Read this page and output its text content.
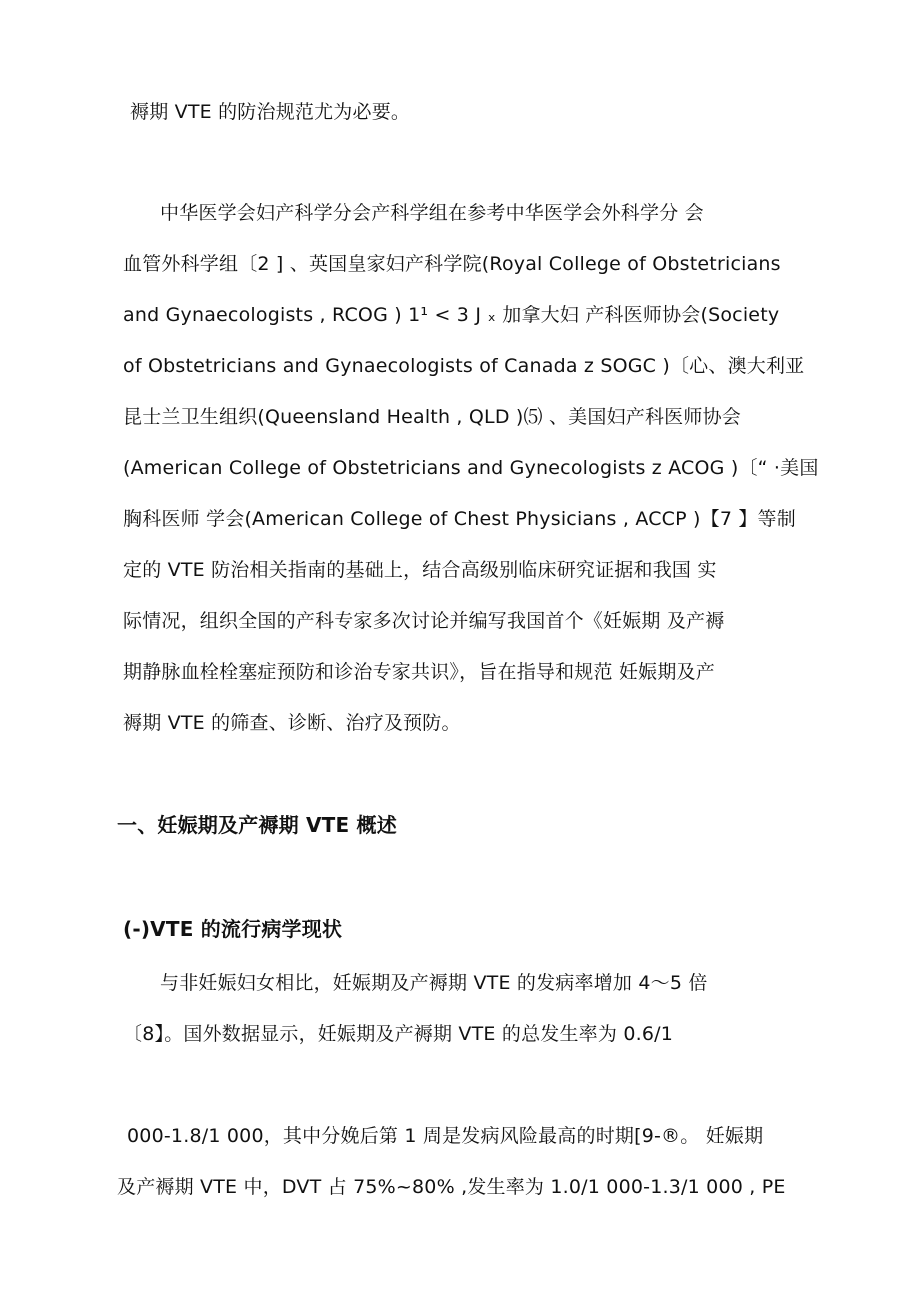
褥期 VTE 的防治规范尤为必要。
中华医学会妇产科学分会产科学组在参考中华医学会外科学分 会
血管外科学组〔2 ] 、英国皇家妇产科学院(Royal College of Obstetricians
and Gynaecologists , RCOG ) 1¹ < 3 J ₓ 加拿大妇 产科医师协会(Society
of Obstetricians and Gynaecologists of Canada z SOGC )〔心、澳大利亚
昆士兰卫生组织(Queensland Health , QLD )⑸ 、美国妇产科医师协会
(American College of Obstetricians and Gynecologists z ACOG )〔“ ·美国
胸科医师 学会(American College of Chest Physicians , ACCP )【7 】等制
定的 VTE 防治相关指南的基础上，结合高级别临床研究证据和我国 实
际情况，组织全国的产科专家多次讨论并编写我国首个《妊娠期 及产褥
期静脉血栓栓塞症预防和诊治专家共识》，旨在指导和规范 妊娠期及产
褥期 VTE 的筛查、诊断、治疗及预防。
一、妊娠期及产褥期 VTE 概述
(-)VTE 的流行病学现状
与非妊娠妇女相比，妊娠期及产褥期 VTE 的发病率增加 4～5 倍
〔8】。国外数据显示，妊娠期及产褥期 VTE 的总发生率为 0.6/1
000-1.8/1 000，其中分娩后第 1 周是发病风险最高的时期[9-®。 妊娠期
及产褥期 VTE 中，DVT 占 75%~80% ,发生率为 1.0/1 000-1.3/1 000 , PE
